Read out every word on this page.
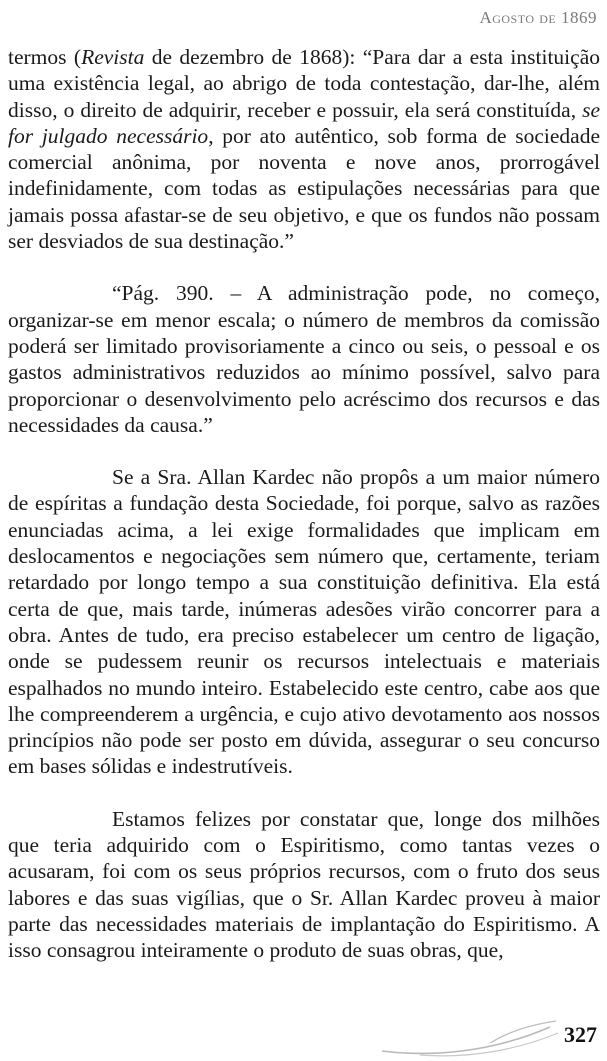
Agosto de 1869

termos (Revista de dezembro de 1868): “Para dar a esta instituição uma existência legal, ao abrigo de toda contestação, dar-lhe, além disso, o direito de adquirir, receber e possuir, ela será constituída, se for julgado necessário, por ato autêntico, sob forma de sociedade comercial anônima, por noventa e nove anos, prorrogável indefinidamente, com todas as estipulações necessárias para que jamais possa afastar-se de seu objetivo, e que os fundos não possam ser desviados de sua destinação.”

“Pág. 390. – A administração pode, no começo, organizar-se em menor escala; o número de membros da comissão poderá ser limitado provisoriamente a cinco ou seis, o pessoal e os gastos administrativos reduzidos ao mínimo possível, salvo para proporcionar o desenvolvimento pelo acréscimo dos recursos e das necessidades da causa.”

Se a Sra. Allan Kardec não propôs a um maior número de espíritas a fundação desta Sociedade, foi porque, salvo as razões enunciadas acima, a lei exige formalidades que implicam em deslocamentos e negociações sem número que, certamente, teriam retardado por longo tempo a sua constituição definitiva. Ela está certa de que, mais tarde, inúmeras adesões virão concorrer para a obra. Antes de tudo, era preciso estabelecer um centro de ligação, onde se pudessem reunir os recursos intelectuais e materiais espalhados no mundo inteiro. Estabelecido este centro, cabe aos que lhe compreenderem a urgência, e cujo ativo devotamento aos nossos princípios não pode ser posto em dúvida, assegurar o seu concurso em bases sólidas e indestrutíveis.

Estamos felizes por constatar que, longe dos milhões que teria adquirido com o Espiritismo, como tantas vezes o acusaram, foi com os seus próprios recursos, com o fruto dos seus labores e das suas vigílias, que o Sr. Allan Kardec proveu à maior parte das necessidades materiais de implantação do Espiritismo. A isso consagrou inteiramente o produto de suas obras, que,

327
